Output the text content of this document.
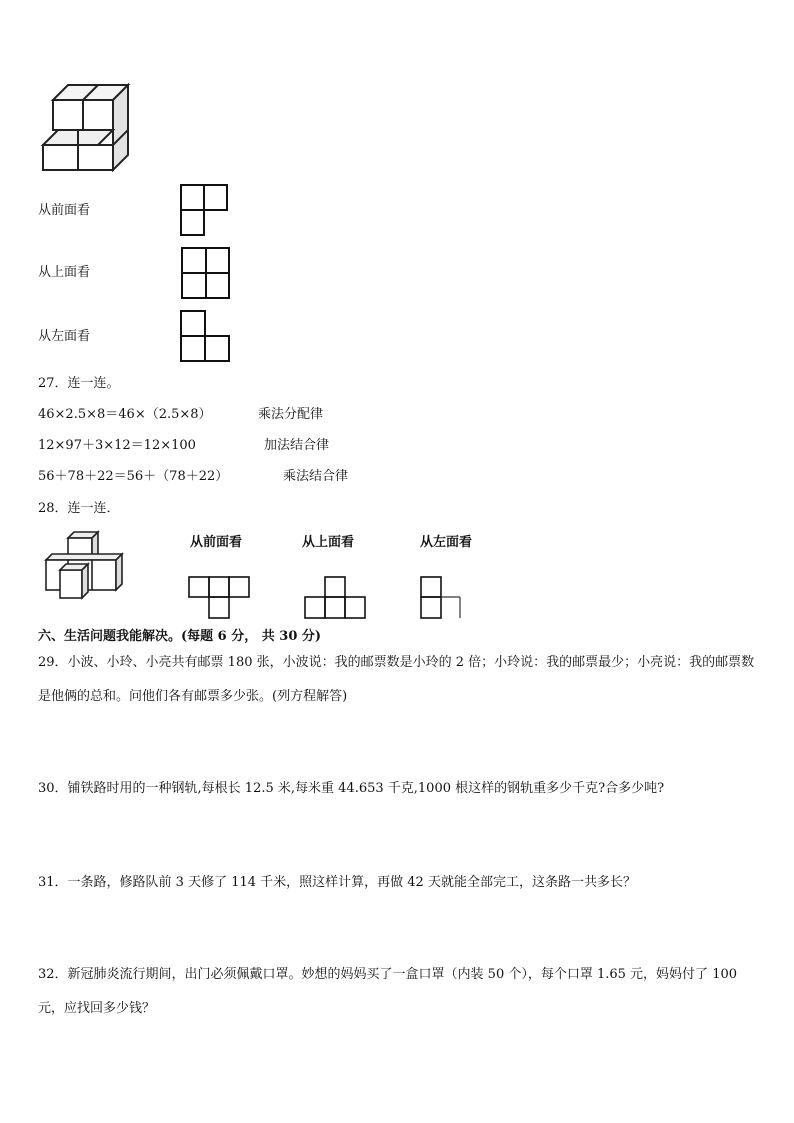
从前面看
从上面看
从左面看
27．连一连。
46×2.5×8＝46×（2.5×8）	乘法分配律
12×97＋3×12＝12×100	加法结合律
56＋78＋22＝56＋（78＋22）	乘法结合律
28．连一连．
从前面看	从上面看	从左面看
六、生活问题我能解决。(每题 6 分， 共 30 分)
29．小波、小玲、小亮共有邮票 180 张，小波说：我的邮票数是小玲的 2 倍；小玲说：我的邮票最少；小亮说：我的邮票数是他俩的总和。问他们各有邮票多少张。(列方程解答)
30．铺铁路时用的一种钢轨,每根长 12.5 米,每米重 44.653 千克,1000 根这样的钢轨重多少千克?合多少吨?
31．一条路，修路队前 3 天修了 114 千米，照这样计算，再做 42 天就能全部完工，这条路一共多长？
32．新冠肺炎流行期间，出门必须佩戴口罩。妙想的妈妈买了一盒口罩（内装 50 个），每个口罩 1.65 元，妈妈付了 100 元，应找回多少钱？
